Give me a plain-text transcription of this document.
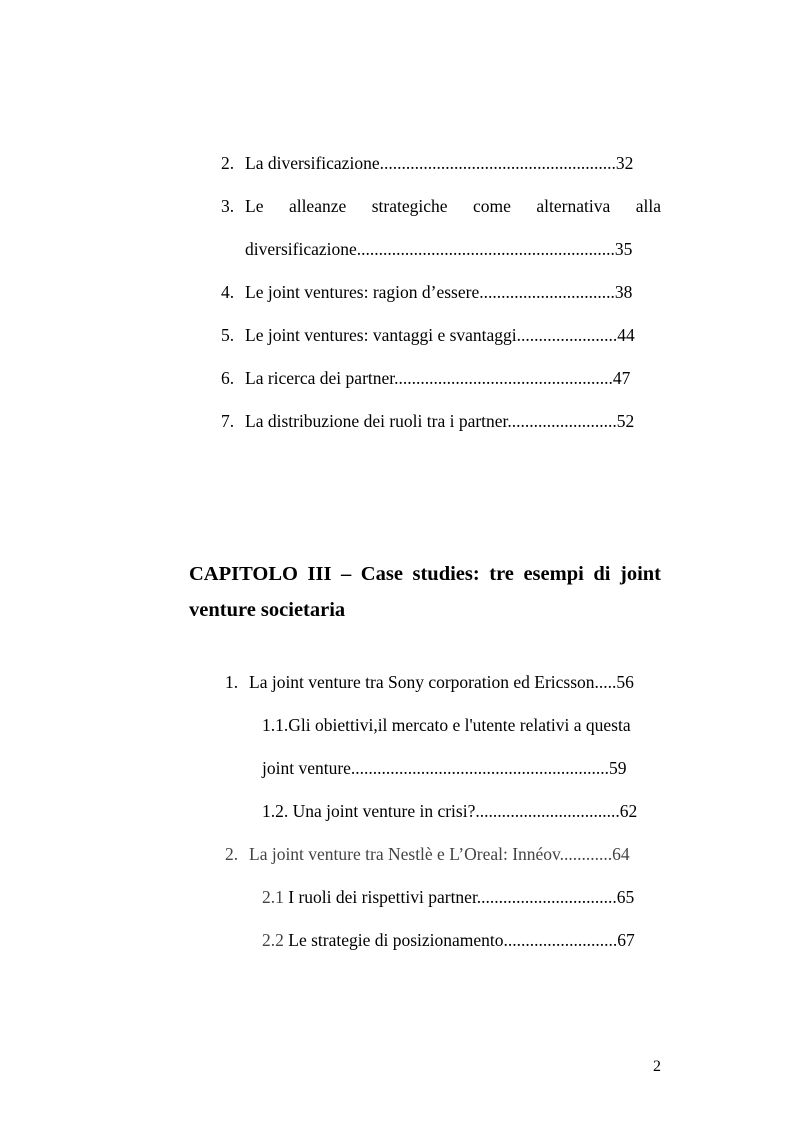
2. La diversificazione......................................................32
3. Le alleanze strategiche come alternativa alla
diversificazione...........................................................35
4. Le joint ventures: ragion d’essere...............................38
5. Le joint ventures: vantaggi e svantaggi.......................44
6. La ricerca dei partner..................................................47
7. La distribuzione dei ruoli tra i partner.........................52
CAPITOLO III – Case studies: tre esempi di joint
venture societaria
1. La joint venture tra Sony corporation ed Ericsson.....56
1.1.Gli obiettivi,il mercato e l'utente relativi a questa
joint venture...........................................................59
1.2. Una joint venture in crisi?.................................62
2. La joint venture tra Nestlè e L’Oreal: Innéov............64
2.1 I ruoli dei rispettivi partner................................65
2.2 Le strategie di posizionamento..........................67
2
